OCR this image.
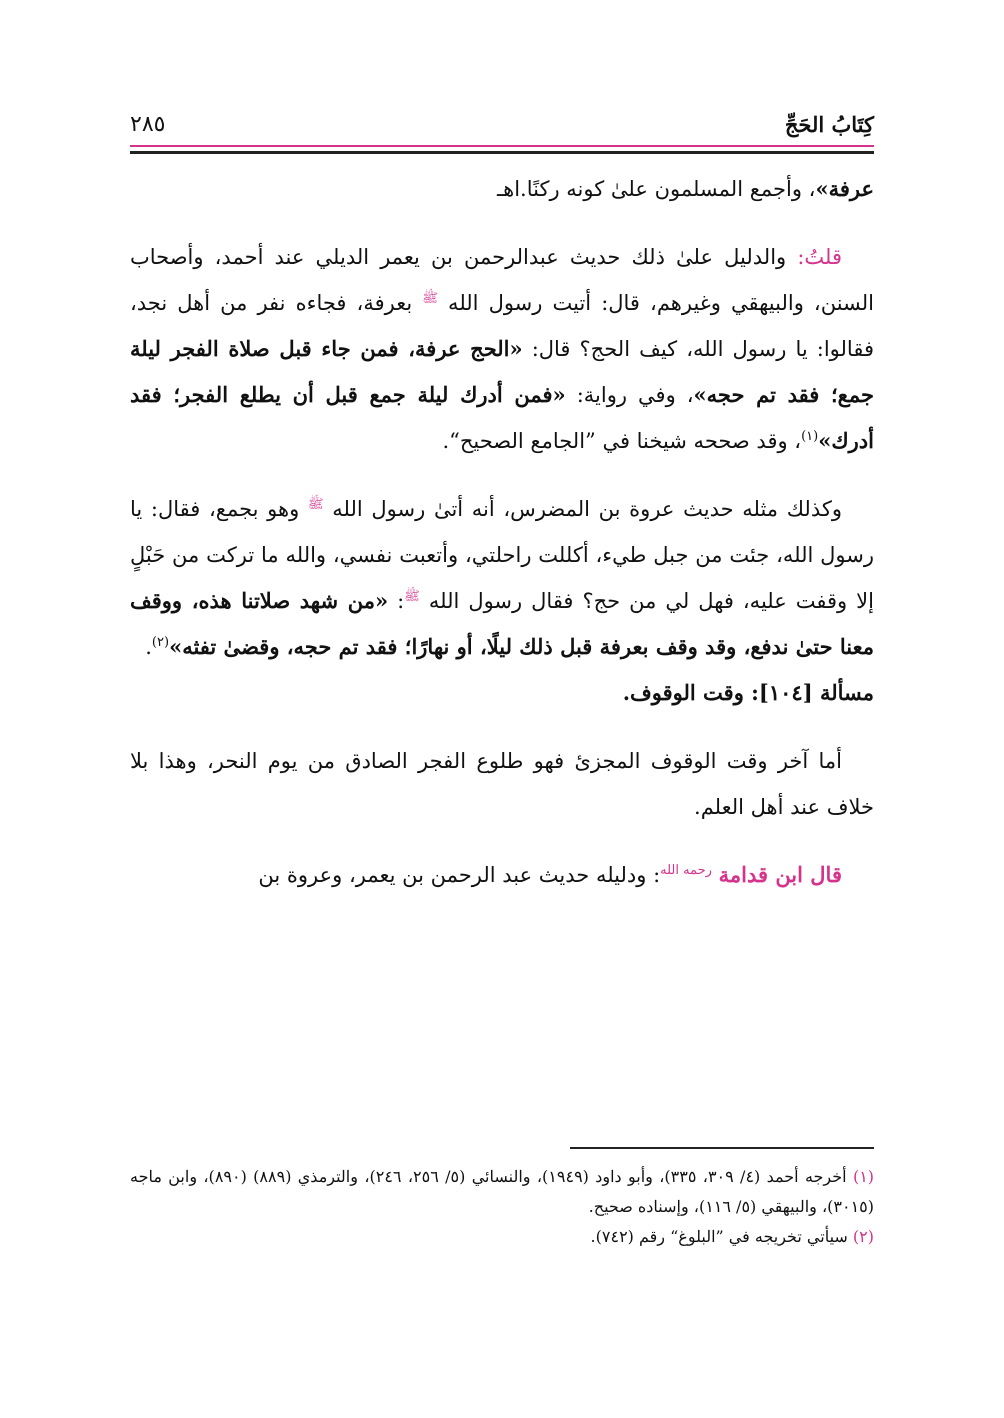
كِتَابُ الحَجِّ
٢٨٥

عرفة»، وأجمع المسلمون علىٰ كونه ركنًا.اهـ

قلتُ: والدليل علىٰ ذلك حديث عبدالرحمن بن يعمر الديلي عند أحمد، وأصحاب السنن، والبيهقي وغيرهم، قال: أتيت رسول الله $^ﷺ$ بعرفة، فجاءه نفر من أهل نجد، فقالوا: يا رسول الله، كيف الحج؟ قال: «الحج عرفة، فمن جاء قبل صلاة الفجر ليلة جمع؛ فقد تم حجه»، وفي رواية: «فمن أدرك ليلة جمع قبل أن يطلع الفجر؛ فقد أدرك»$^{(١)}$، وقد صححه شيخنا في ”الجامع الصحيح“.

وكذلك مثله حديث عروة بن المضرس، أنه أتىٰ رسول الله $^ﷺ$ وهو بجمع، فقال: يا رسول الله، جئت من جبل طيء، أكللت راحلتي، وأتعبت نفسي، والله ما تركت من حَبْلٍ إلا وقفت عليه، فهل لي من حج؟ فقال رسول الله $^ﷺ$: «من شهد صلاتنا هذه، ووقف معنا حتىٰ ندفع، وقد وقف بعرفة قبل ذلك ليلًا، أو نهارًا؛ فقد تم حجه، وقضىٰ تفثه»$^{(٢)}$.

مسألة [١٠٤]: وقت الوقوف.

أما آخر وقت الوقوف المجزئ فهو طلوع الفجر الصادق من يوم النحر، وهذا بلا خلاف عند أهل العلم.

قال ابن قدامة $^{رحمه الله}$: ودليله حديث عبد الرحمن بن يعمر، وعروة بن

(١) أخرجه أحمد (٤/ ٣٠٩، ٣٣٥)، وأبو داود (١٩٤٩)، والنسائي (٥/ ٢٥٦، ٢٤٦)، والترمذي (٨٨٩) (٨٩٠)، وابن ماجه (٣٠١٥)، والبيهقي (٥/ ١١٦)، وإسناده صحيح.

(٢) سيأتي تخريجه في ”البلوغ“ رقم (٧٤٢).
